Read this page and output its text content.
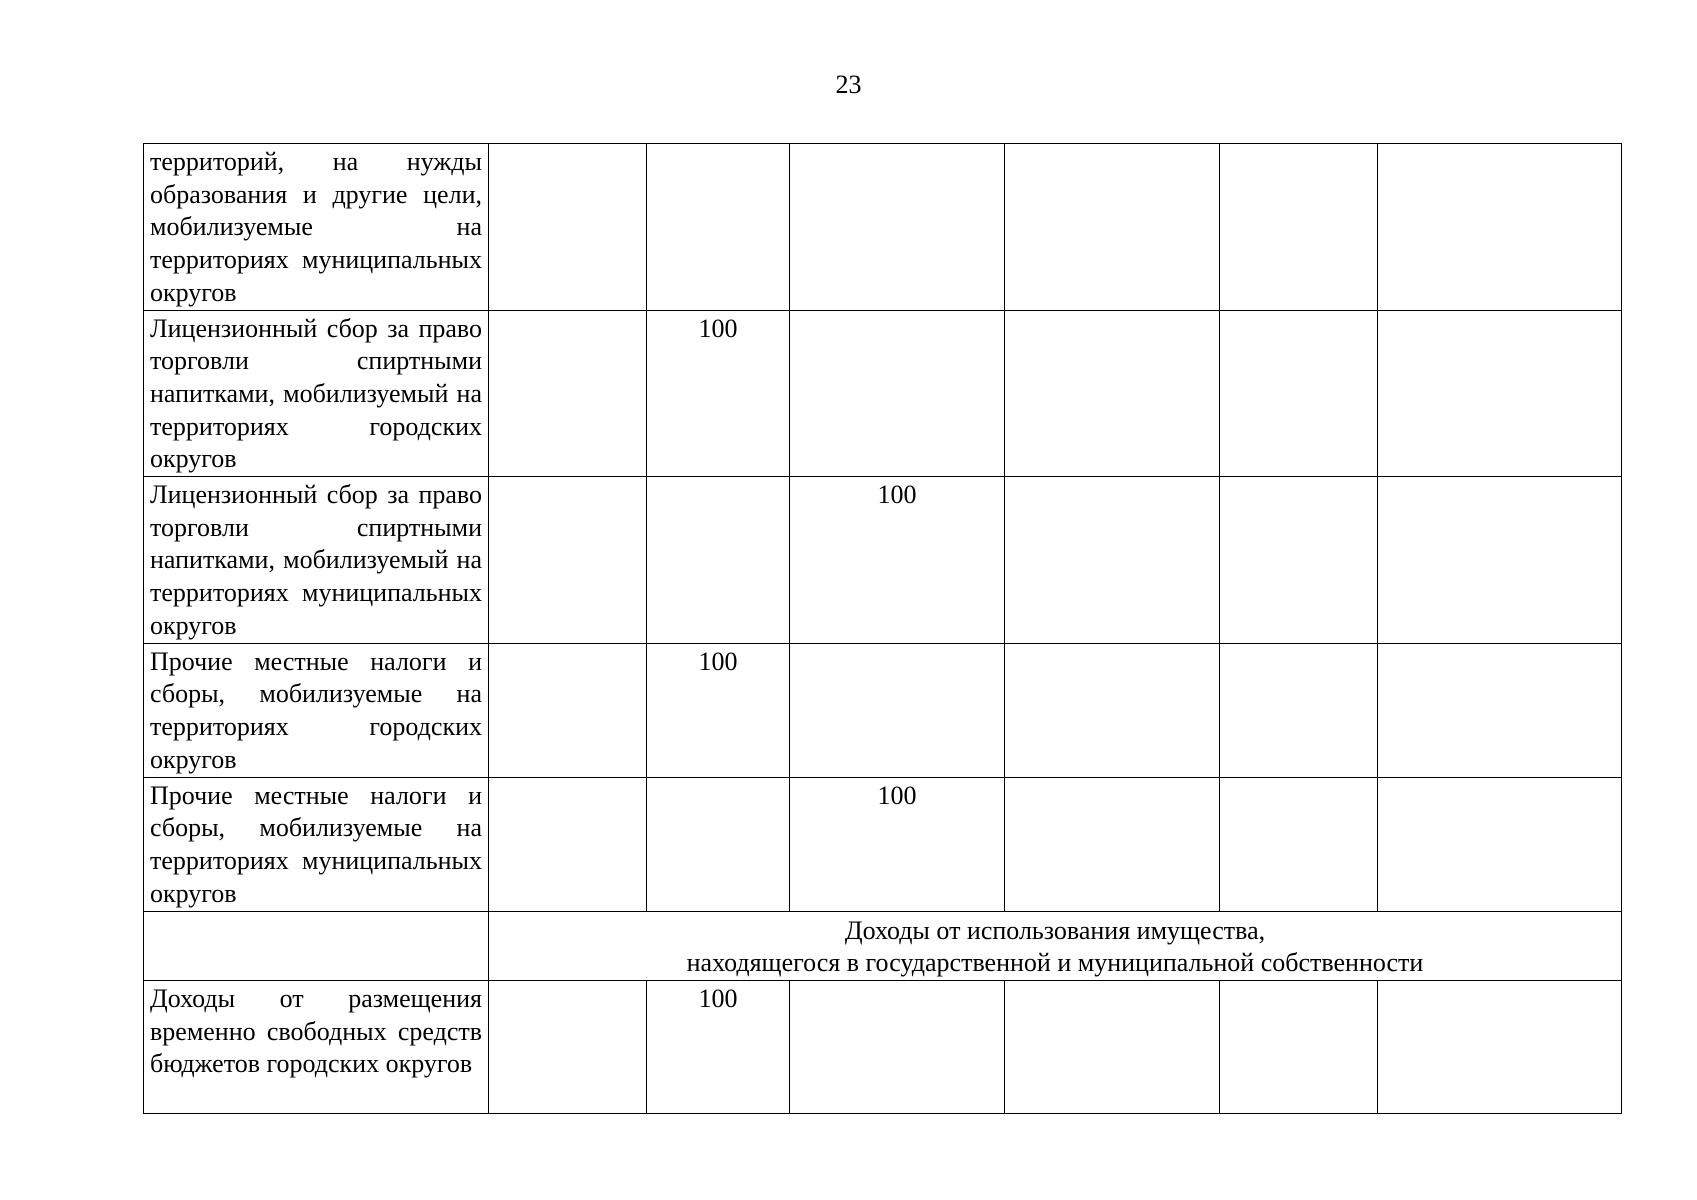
23
территорий, на нужды образования и другие цели, мобилизуемые на территориях муниципальных округов						
Лицензионный сбор за право торговли спиртными напитками, мобилизуемый на территориях городских округов		100				
Лицензионный сбор за право торговли спиртными напитками, мобилизуемый на территориях муниципальных округов			100			
Прочие местные налоги и сборы, мобилизуемые на территориях городских округов		100				
Прочие местные налоги и сборы, мобилизуемые на территориях муниципальных округов			100			

	Доходы от использования имущества,
находящегося в государственной и муниципальной собственности					

Доходы от размещения временно свободных средств бюджетов городских округов		100				
